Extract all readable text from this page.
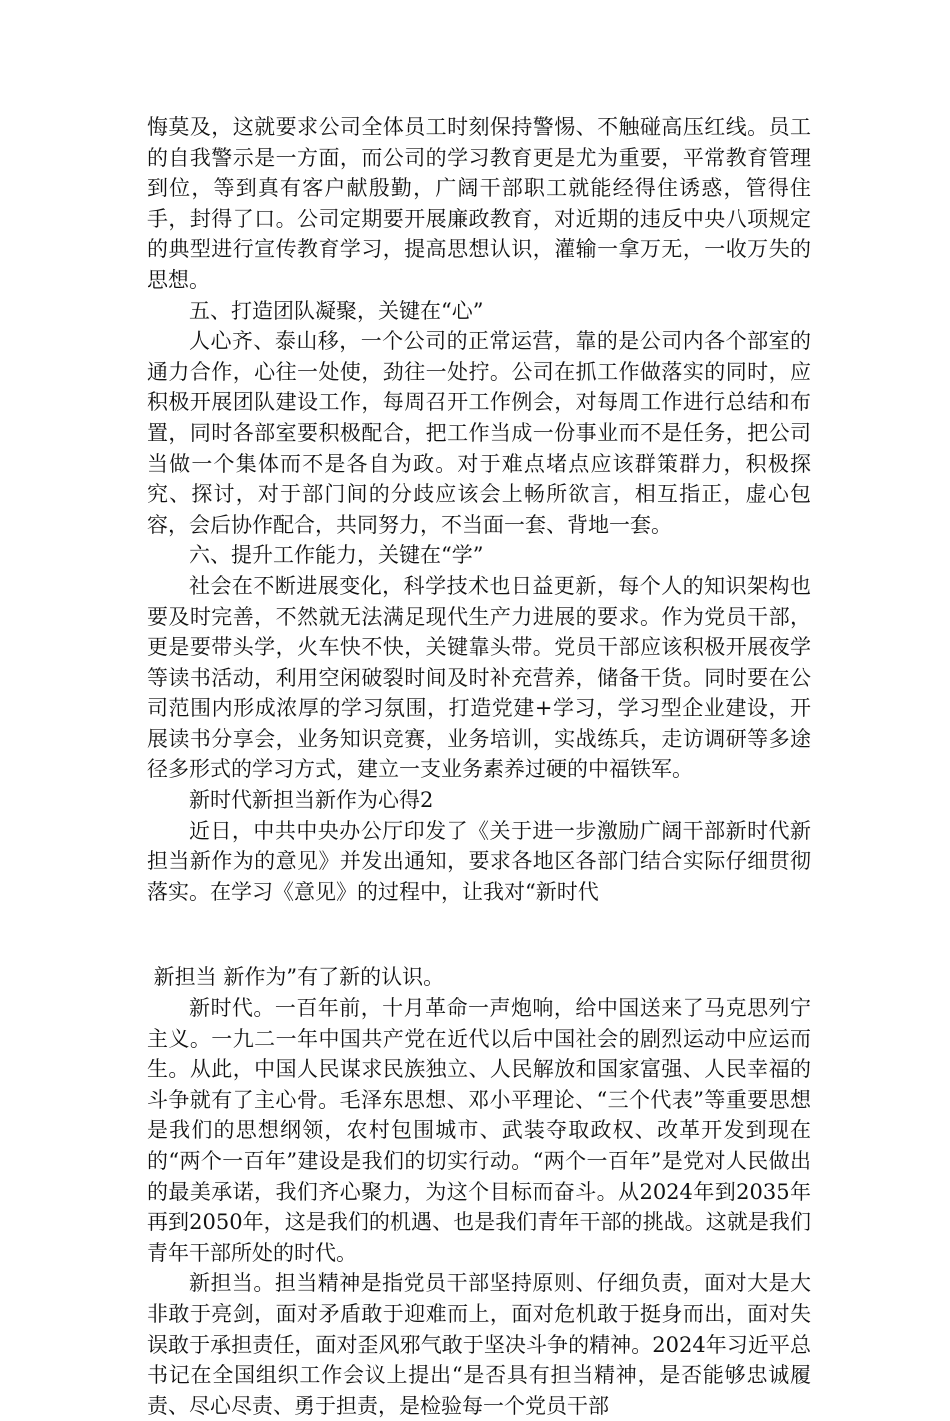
悔莫及，这就要求公司全体员工时刻保持警惕、不触碰高压红线。员工的自我警示是一方面，而公司的学习教育更是尤为重要，平常教育管理到位，等到真有客户献殷勤，广阔干部职工就能经得住诱惑，管得住手，封得了口。公司定期要开展廉政教育，对近期的违反中央八项规定的典型进行宣传教育学习，提高思想认识，灌输一拿万无，一收万失的思想。

五、打造团队凝聚，关键在“心”

人心齐、泰山移，一个公司的正常运营，靠的是公司内各个部室的通力合作，心往一处使，劲往一处拧。公司在抓工作做落实的同时，应积极开展团队建设工作，每周召开工作例会，对每周工作进行总结和布置，同时各部室要积极配合，把工作当成一份事业而不是任务，把公司当做一个集体而不是各自为政。对于难点堵点应该群策群力，积极探究、探讨，对于部门间的分歧应该会上畅所欲言，相互指正，虚心包容，会后协作配合，共同努力，不当面一套、背地一套。

六、提升工作能力，关键在“学”

社会在不断进展变化，科学技术也日益更新，每个人的知识架构也要及时完善，不然就无法满足现代生产力进展的要求。作为党员干部，更是要带头学，火车快不快，关键靠头带。党员干部应该积极开展夜学等读书活动，利用空闲破裂时间及时补充营养，储备干货。同时要在公司范围内形成浓厚的学习氛围，打造党建+学习，学习型企业建设，开展读书分享会，业务知识竞赛，业务培训，实战练兵，走访调研等多途径多形式的学习方式，建立一支业务素养过硬的中福铁军。

新时代新担当新作为心得2

近日，中共中央办公厅印发了《关于进一步激励广阔干部新时代新担当新作为的意见》并发出通知，要求各地区各部门结合实际仔细贯彻落实。在学习《意见》的过程中，让我对“新时代

新担当 新作为”有了新的认识。

新时代。一百年前，十月革命一声炮响，给中国送来了马克思列宁主义。一九二一年中国共产党在近代以后中国社会的剧烈运动中应运而生。从此，中国人民谋求民族独立、人民解放和国家富强、人民幸福的斗争就有了主心骨。毛泽东思想、邓小平理论、“三个代表”等重要思想是我们的思想纲领，农村包围城市、武装夺取政权、改革开发到现在的“两个一百年”建设是我们的切实行动。“两个一百年”是党对人民做出的最美承诺，我们齐心聚力，为这个目标而奋斗。从2024年到2035年再到2050年，这是我们的机遇、也是我们青年干部的挑战。这就是我们青年干部所处的时代。

新担当。担当精神是指党员干部坚持原则、仔细负责，面对大是大非敢于亮剑，面对矛盾敢于迎难而上，面对危机敢于挺身而出，面对失误敢于承担责任，面对歪风邪气敢于坚决斗争的精神。2024年习近平总书记在全国组织工作会议上提出“是否具有担当精神，是否能够忠诚履责、尽心尽责、勇于担责，是检验每一个党员干部
